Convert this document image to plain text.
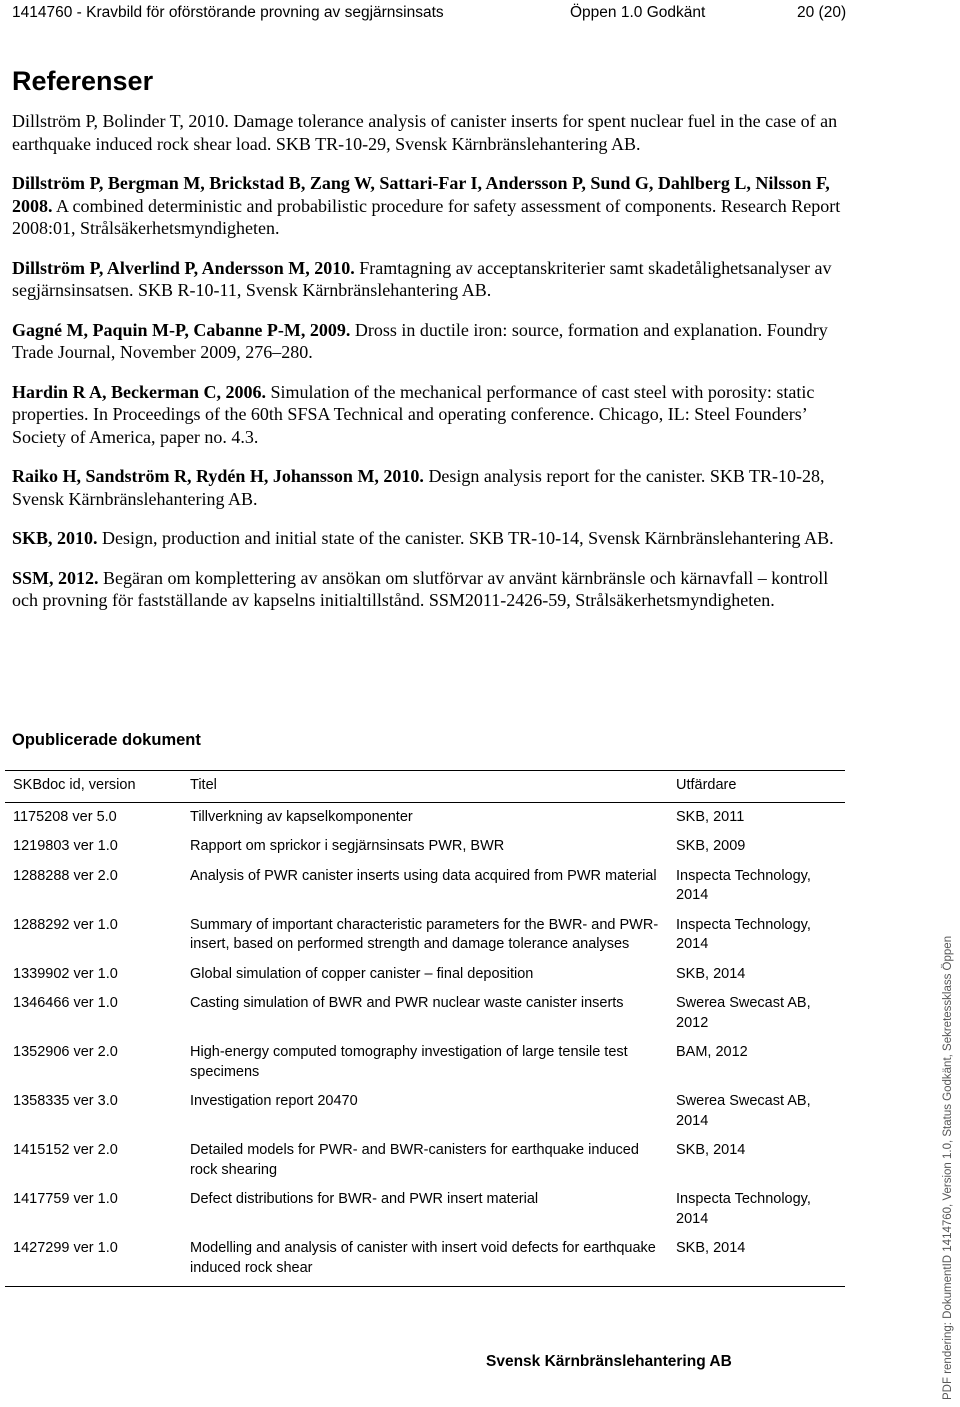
1414760 - Kravbild för oförstörande provning av segjärnsinsats	Öppen 1.0 Godkänt	20 (20)
Referenser

Dillström P, Bolinder T, 2010. Damage tolerance analysis of canister inserts for spent nuclear fuel in the case of an earthquake induced rock shear load. SKB TR-10-29, Svensk Kärnbränslehantering AB.

Dillström P, Bergman M, Brickstad B, Zang W, Sattari-Far I, Andersson P, Sund G, Dahlberg L, Nilsson F, 2008. A combined deterministic and probabilistic procedure for safety assessment of components. Research Report 2008:01, Strålsäkerhetsmyndigheten.

Dillström P, Alverlind P, Andersson M, 2010. Framtagning av acceptanskriterier samt skadetålighetsanalyser av segjärnsinsatsen. SKB R-10-11, Svensk Kärnbränslehantering AB.

Gagné M, Paquin M-P, Cabanne P-M, 2009. Dross in ductile iron: source, formation and explanation. Foundry Trade Journal, November 2009, 276–280.

Hardin R A, Beckerman C, 2006. Simulation of the mechanical performance of cast steel with porosity: static properties. In Proceedings of the 60th SFSA Technical and operating conference. Chicago, IL: Steel Founders’ Society of America, paper no. 4.3.

Raiko H, Sandström R, Rydén H, Johansson M, 2010. Design analysis report for the canister. SKB TR-10-28, Svensk Kärnbränslehantering AB.

SKB, 2010. Design, production and initial state of the canister. SKB TR-10-14, Svensk Kärnbränslehantering AB.

SSM, 2012. Begäran om komplettering av ansökan om slutförvar av använt kärnbränsle och kärnavfall – kontroll och provning för fastställande av kapselns initialtillstånd. SSM2011-2426-59, Strålsäkerhetsmyndigheten.

Opublicerade dokument
SKBdoc id, version	Titel	Utfärdare
1175208 ver 5.0	Tillverkning av kapselkomponenter	SKB, 2011
1219803 ver 1.0	Rapport om sprickor i segjärnsinsats PWR, BWR	SKB, 2009
1288288 ver 2.0	Analysis of PWR canister inserts using data acquired from PWR material	Inspecta Technology, 2014
1288292 ver 1.0	Summary of important characteristic parameters for the BWR- and PWR-insert, based on performed strength and damage tolerance analyses	Inspecta Technology, 2014
1339902 ver 1.0	Global simulation of copper canister – final deposition	SKB, 2014
1346466 ver 1.0	Casting simulation of BWR and PWR nuclear waste canister inserts	Swerea Swecast AB, 2012
1352906 ver 2.0	High-energy computed tomography investigation of large tensile test specimens	BAM, 2012
1358335 ver 3.0	Investigation report 20470	Swerea Swecast AB, 2014
1415152 ver 2.0	Detailed models for PWR- and BWR-canisters for earthquake induced rock shearing	SKB, 2014
1417759 ver 1.0	Defect distributions for BWR- and PWR insert material	Inspecta Technology, 2014
1427299 ver 1.0	Modelling and analysis of canister with insert void defects for earthquake induced rock shear	SKB, 2014
Svensk Kärnbränslehantering AB	PDF rendering: DokumentID 1414760, Version 1.0, Status Godkänt, Sekretessklass Öppen
